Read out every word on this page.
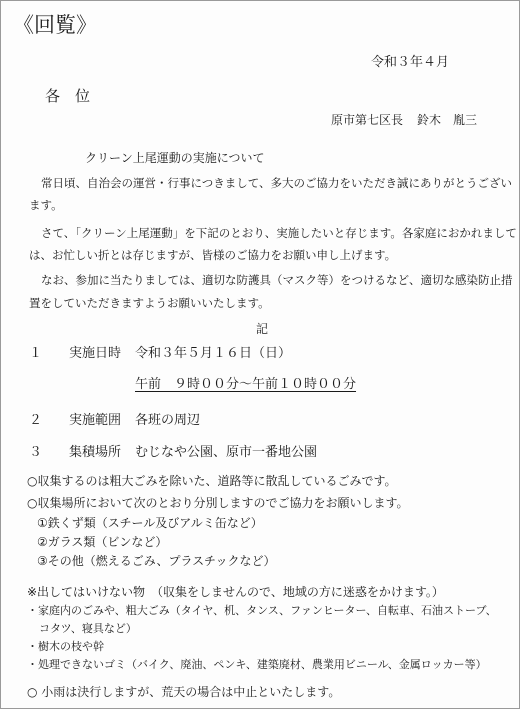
《回覧》
令和３年４月
各　位
原市第七区長 鈴木　胤三
クリーン上尾運動の実施について
常日頃、自治会の運営・行事につきまして、多大のご協力をいただき誠にありがとうござい
ます。
さて、「クリーン上尾運動」を下記のとおり、実施したいと存じます。各家庭におかれまして
は、お忙しい折とは存じますが、皆様のご協力をお願い申し上げます。
なお、参加に当たりましては、適切な防護具（マスク等）をつけるなど、適切な感染防止措
置をしていただきますようお願いいたします。
記
１ 実施日時 令和３年５月１６日（日）
午前　９時００分～午前１０時００分
２ 実施範囲 各班の周辺
３ 集積場所 むじなや公園、原市一番地公園
○収集するのは粗大ごみを除いた、道路等に散乱しているごみです。
○収集場所において次のとおり分別しますのでご協力をお願いします。
①鉄くず類（スチール及びアルミ缶など）
②ガラス類（ビンなど）
③その他（燃えるごみ、プラスチックなど）
※出してはいけない物　（収集をしませんので、地域の方に迷惑をかけます。）
・家庭内のごみや、粗大ごみ（タイヤ、机、タンス、ファンヒーター、自転車、石油ストーブ、
コタツ、寝具など）
・樹木の枝や幹
・処理できないゴミ（バイク、廃油、ペンキ、建築廃材、農業用ビニール、金属ロッカー等）
○ 小雨は決行しますが、荒天の場合は中止といたします。
